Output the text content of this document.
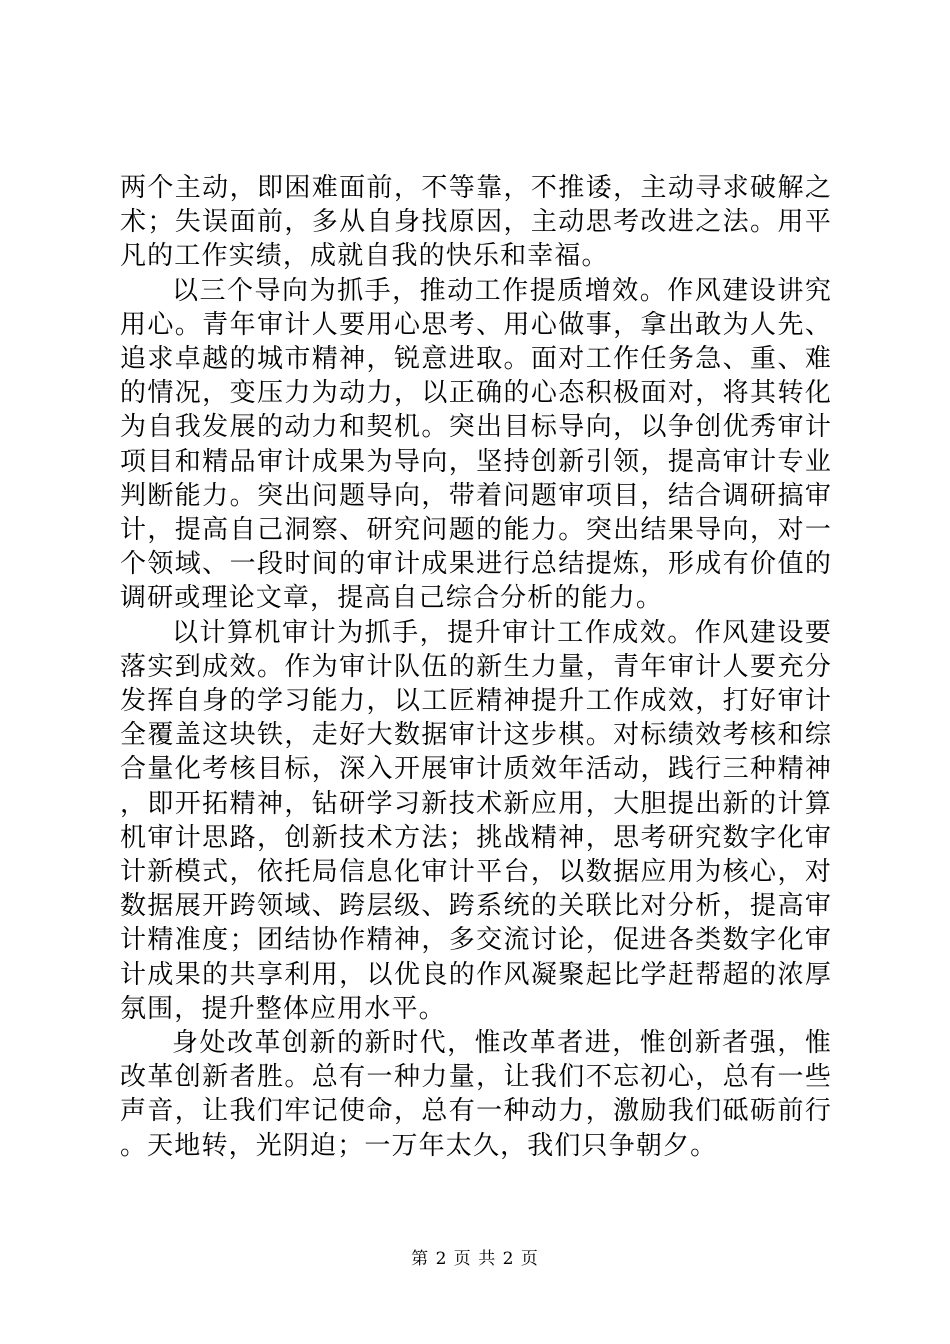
两个主动，即困难面前，不等靠，不推诿，主动寻求破解之术；失误面前，多从自身找原因，主动思考改进之法。用平凡的工作实绩，成就自我的快乐和幸福。

以三个导向为抓手，推动工作提质增效。作风建设讲究用心。青年审计人要用心思考、用心做事，拿出敢为人先、追求卓越的城市精神，锐意进取。面对工作任务急、重、难的情况，变压力为动力，以正确的心态积极面对，将其转化为自我发展的动力和契机。突出目标导向，以争创优秀审计项目和精品审计成果为导向，坚持创新引领，提高审计专业判断能力。突出问题导向，带着问题审项目，结合调研搞审计，提高自己洞察、研究问题的能力。突出结果导向，对一个领域、一段时间的审计成果进行总结提炼，形成有价值的调研或理论文章，提高自己综合分析的能力。

以计算机审计为抓手，提升审计工作成效。作风建设要落实到成效。作为审计队伍的新生力量，青年审计人要充分发挥自身的学习能力，以工匠精神提升工作成效，打好审计全覆盖这块铁，走好大数据审计这步棋。对标绩效考核和综合量化考核目标，深入开展审计质效年活动，践行三种精神，即开拓精神，钻研学习新技术新应用，大胆提出新的计算机审计思路，创新技术方法；挑战精神，思考研究数字化审计新模式，依托局信息化审计平台，以数据应用为核心，对数据展开跨领域、跨层级、跨系统的关联比对分析，提高审计精准度；团结协作精神，多交流讨论，促进各类数字化审计成果的共享利用，以优良的作风凝聚起比学赶帮超的浓厚氛围，提升整体应用水平。

身处改革创新的新时代，惟改革者进，惟创新者强，惟改革创新者胜。总有一种力量，让我们不忘初心，总有一些声音，让我们牢记使命，总有一种动力，激励我们砥砺前行。天地转，光阴迫；一万年太久，我们只争朝夕。

第 2 页 共 2 页
